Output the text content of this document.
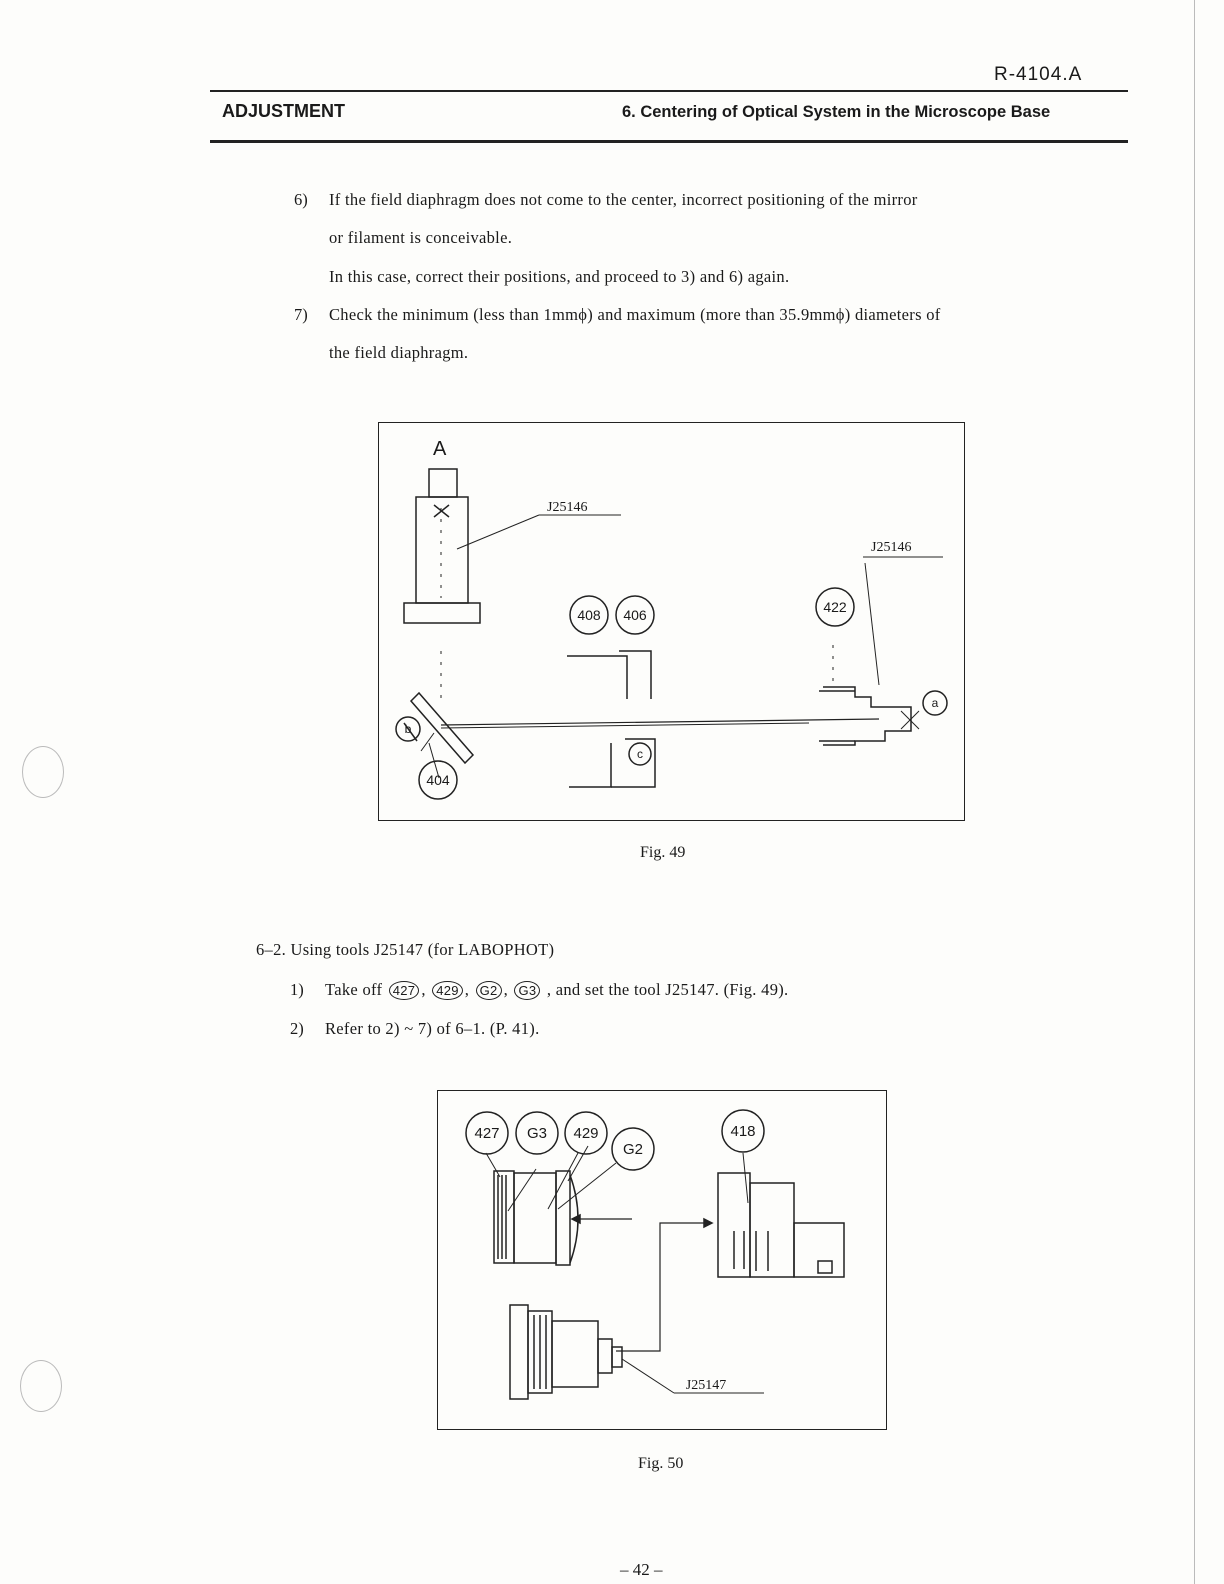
R-4104.A
ADJUSTMENT	6. Centering of Optical System in the Microscope Base
6) If the field diaphragm does not come to the center, incorrect positioning of the mirror
or filament is conceivable.
In this case, correct their positions, and proceed to 3) and 6) again.
7) Check the minimum (less than 1mmϕ) and maximum (more than 35.9mmϕ) diameters of
the field diaphragm.
A
J25146
J25146
408 406	422
404
a
b
c
Fig. 49
6–2. Using tools J25147 (for LABOPHOT)
1) Take off 427 , 429 , G2 , G3 , and set the tool J25147. (Fig. 49).
2) Refer to 2) ~ 7) of 6–1. (P. 41).
427 G3 429
G2
418
J25147
Fig. 50
– 42 –
